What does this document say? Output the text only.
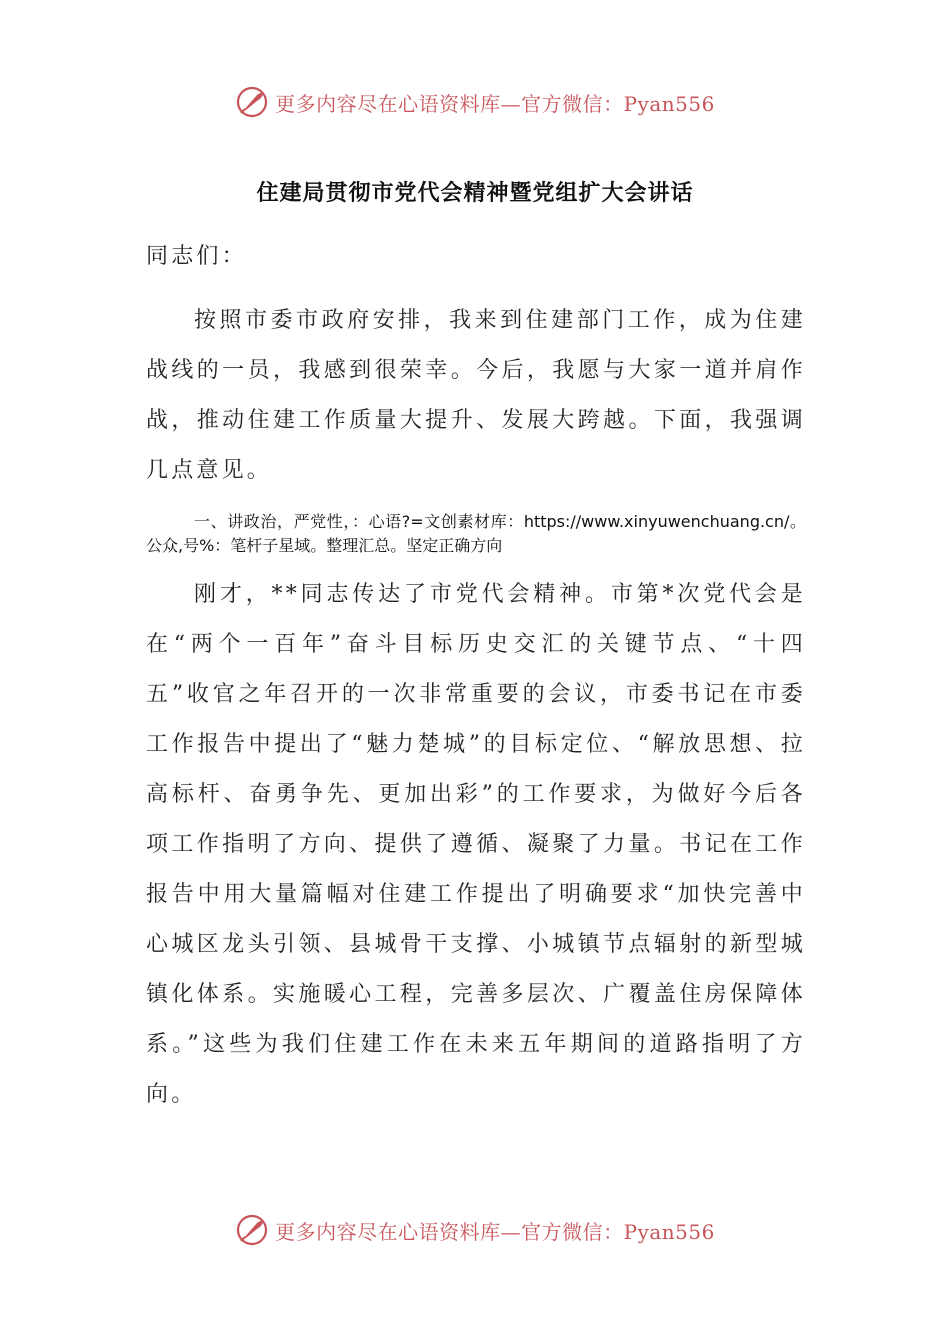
更多内容尽在心语资料库—官方微信：Pyan556
住建局贯彻市党代会精神暨党组扩大会讲话

同志们：

按照市委市政府安排，我来到住建部门工作，成为住建战线的一员，我感到很荣幸。今后，我愿与大家一道并肩作战，推动住建工作质量大提升、发展大跨越。下面，我强调几点意见。

一、讲政治，严党性，：心语?=文创素材库：https://www.xinyuwenchuang.cn/。公众,号%：笔杆子星域。整理汇总。坚定正确方向

刚才，**同志传达了市党代会精神。市第*次党代会是在“两个一百年”奋斗目标历史交汇的关键节点、“十四五”收官之年召开的一次非常重要的会议，市委书记在市委工作报告中提出了“魅力楚城”的目标定位、“解放思想、拉高标杆、奋勇争先、更加出彩”的工作要求，为做好今后各项工作指明了方向、提供了遵循、凝聚了力量。书记在工作报告中用大量篇幅对住建工作提出了明确要求“加快完善中心城区龙头引领、县城骨干支撑、小城镇节点辐射的新型城镇化体系。实施暖心工程，完善多层次、广覆盖住房保障体系。”这些为我们住建工作在未来五年期间的道路指明了方向。

更多内容尽在心语资料库—官方微信：Pyan556
